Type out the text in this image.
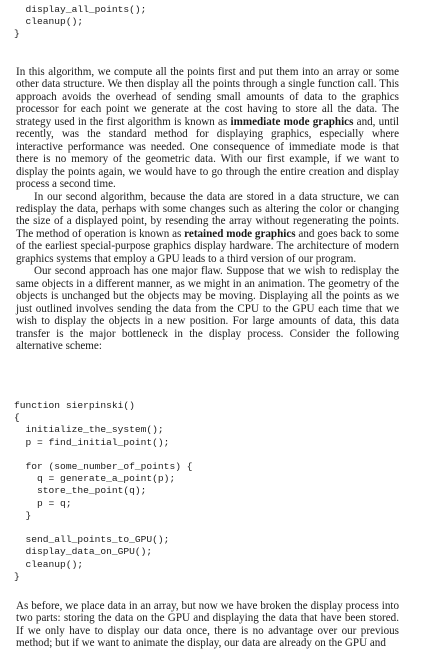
display_all_points();
cleanup();
}

In this algorithm, we compute all the points first and put them into an array or some other data structure. We then display all the points through a single function call. This approach avoids the overhead of sending small amounts of data to the graphics processor for each point we generate at the cost having to store all the data. The strategy used in the first algorithm is known as immediate mode graphics and, until recently, was the standard method for displaying graphics, especially where interactive performance was needed. One consequence of immediate mode is that there is no memory of the geometric data. With our first example, if we want to display the points again, we would have to go through the entire creation and display process a second time.

In our second algorithm, because the data are stored in a data structure, we can redisplay the data, perhaps with some changes such as altering the color or changing the size of a displayed point, by resending the array without regenerating the points. The method of operation is known as retained mode graphics and goes back to some of the earliest special-purpose graphics display hardware. The architecture of modern graphics systems that employ a GPU leads to a third version of our program.

Our second approach has one major flaw. Suppose that we wish to redisplay the same objects in a different manner, as we might in an animation. The geometry of the objects is unchanged but the objects may be moving. Displaying all the points as we just outlined involves sending the data from the CPU to the GPU each time that we wish to display the objects in a new position. For large amounts of data, this data transfer is the major bottleneck in the display process. Consider the following alternative scheme:

function sierpinski()
{
initialize_the_system();
p = find_initial_point();

for (some_number_of_points) {
q = generate_a_point(p);
store_the_point(q);
p = q;
}

send_all_points_to_GPU();
display_data_on_GPU();
cleanup();
}

As before, we place data in an array, but now we have broken the display process into two parts: storing the data on the GPU and displaying the data that have been stored. If we only have to display our data once, there is no advantage over our previous method; but if we want to animate the display, our data are already on the GPU and
